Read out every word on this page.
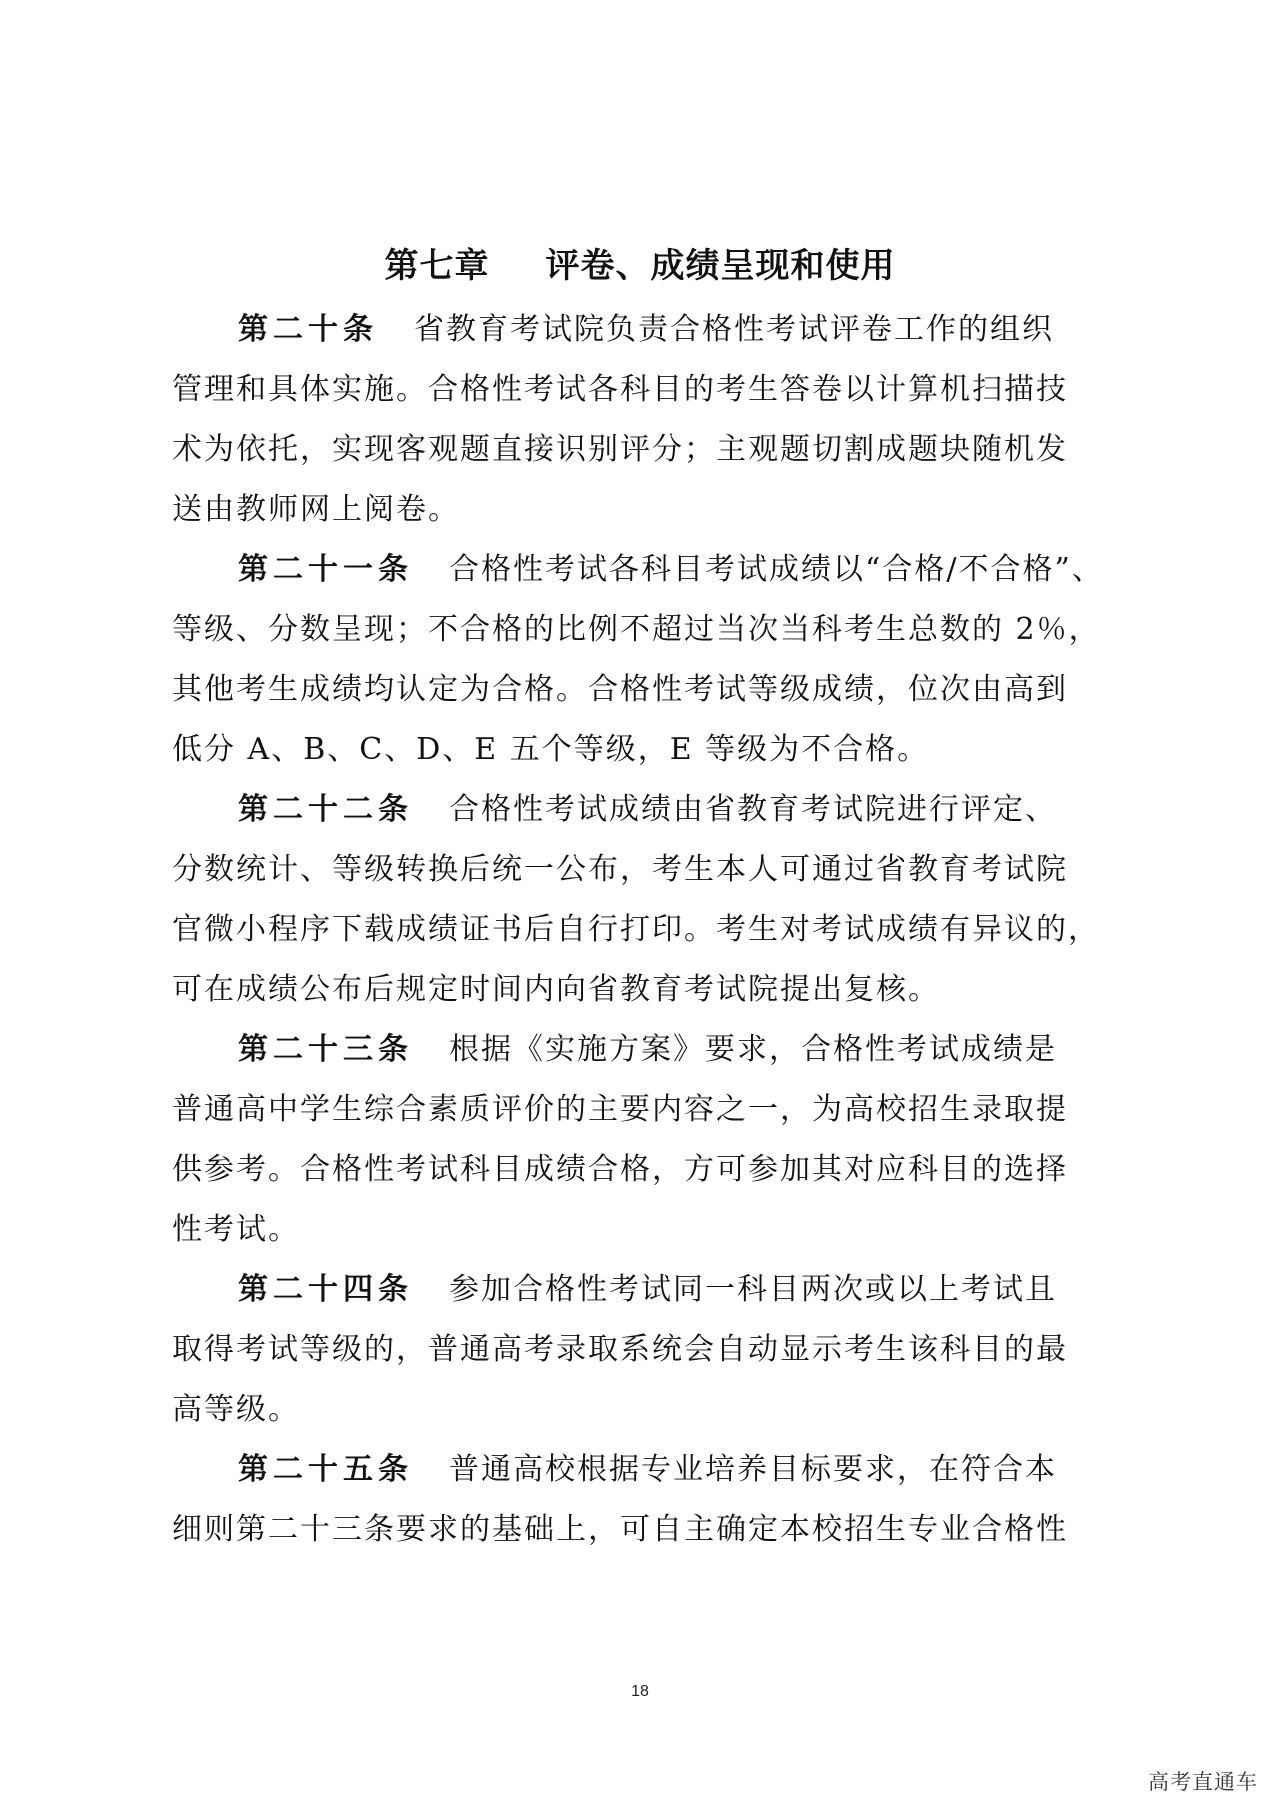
第七章 评卷、成绩呈现和使用
第二十条 省教育考试院负责合格性考试评卷工作的组织
管理和具体实施。合格性考试各科目的考生答卷以计算机扫描技
术为依托，实现客观题直接识别评分；主观题切割成题块随机发
送由教师网上阅卷。
第二十一条 合格性考试各科目考试成绩以“合格/不合格”、
等级、分数呈现；不合格的比例不超过当次当科考生总数的 2％，
其他考生成绩均认定为合格。合格性考试等级成绩，位次由高到
低分 A、B、C、D、E 五个等级，E 等级为不合格。
第二十二条 合格性考试成绩由省教育考试院进行评定、
分数统计、等级转换后统一公布，考生本人可通过省教育考试院
官微小程序下载成绩证书后自行打印。考生对考试成绩有异议的，
可在成绩公布后规定时间内向省教育考试院提出复核。
第二十三条 根据《实施方案》要求，合格性考试成绩是
普通高中学生综合素质评价的主要内容之一，为高校招生录取提
供参考。合格性考试科目成绩合格，方可参加其对应科目的选择
性考试。
第二十四条 参加合格性考试同一科目两次或以上考试且
取得考试等级的，普通高考录取系统会自动显示考生该科目的最
高等级。
第二十五条 普通高校根据专业培养目标要求，在符合本
细则第二十三条要求的基础上，可自主确定本校招生专业合格性
18
高考直通车
